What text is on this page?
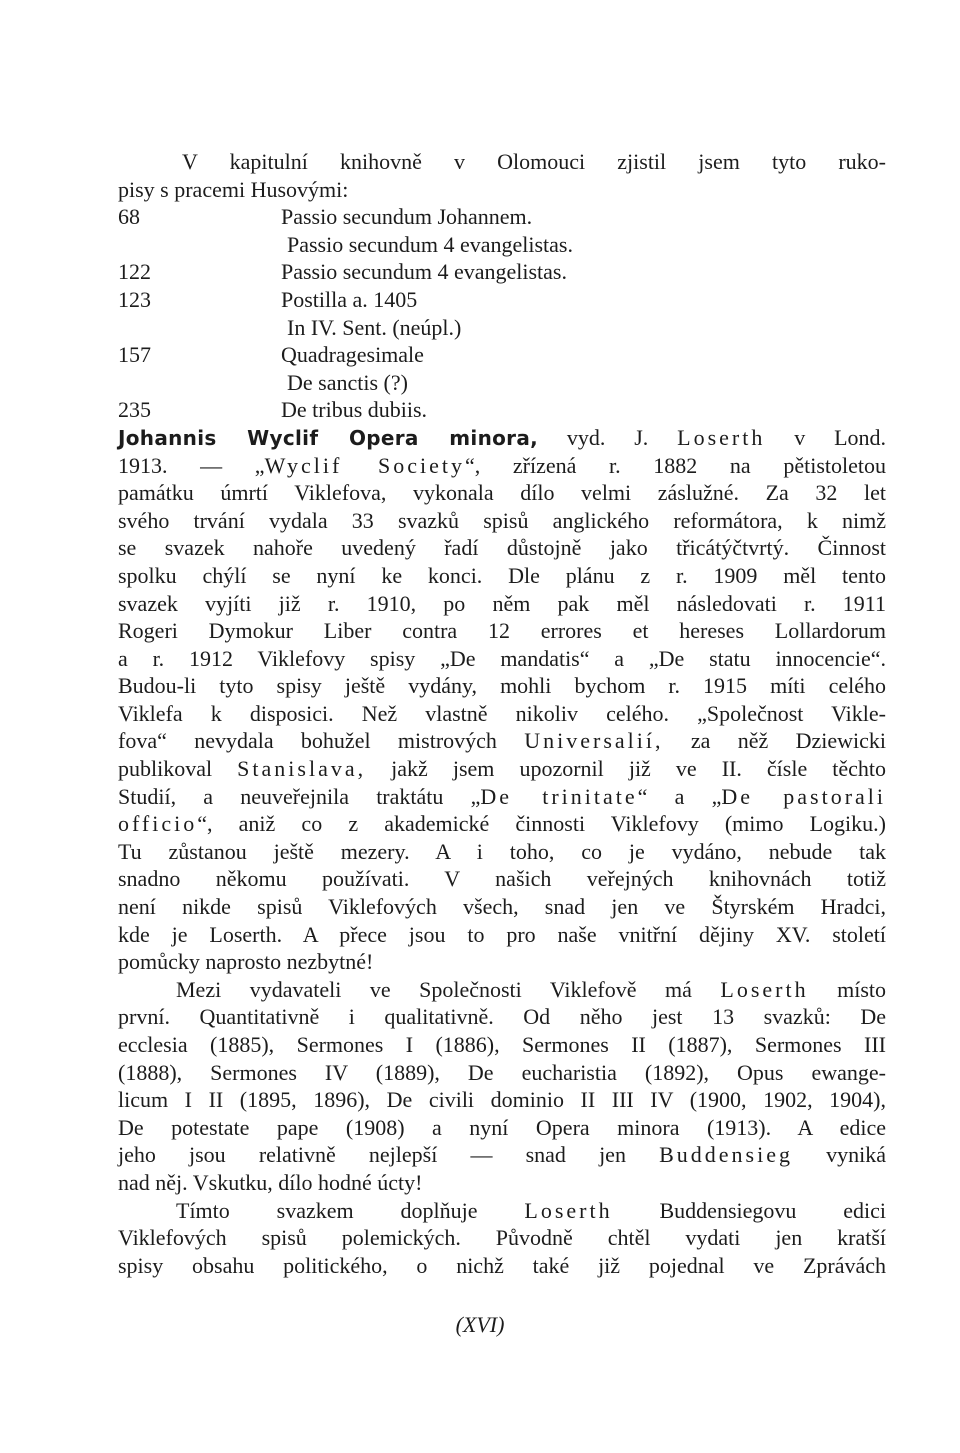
V kapitulní knihovně v Olomouci zjistil jsem tyto ruko-
pisy s pracemi Husovými:
68	Passio secundum Johannem.
Passio secundum 4 evangelistas.
122	Passio secundum 4 evangelistas.
123	Postilla a. 1405
In IV. Sent. (neúpl.)
157	Quadragesimale
De sanctis (?)
235	De tribus dubiis.
Johannis Wyclif Opera minora, vyd. J. Loserth v Lond.
1913. — „Wyclif Society“, zřízená r. 1882 na pětistoletou
památku úmrtí Viklefova, vykonala dílo velmi záslužné. Za 32 let
svého trvání vydala 33 svazků spisů anglického reformátora, k nimž
se svazek nahoře uvedený řadí důstojně jako třicátýčtvrtý. Činnost
spolku chýlí se nyní ke konci. Dle plánu z r. 1909 měl tento
svazek vyjíti již r. 1910, po něm pak měl následovati r. 1911
Rogeri Dymokur Liber contra 12 errores et hereses Lollardorum
a r. 1912 Viklefovy spisy „De mandatis“ a „De statu innocencie“.
Budou-li tyto spisy ještě vydány, mohli bychom r. 1915 míti celého
Viklefa k disposici. Než vlastně nikoliv celého. „Společnost Vikle-
fova“ nevydala bohužel mistrových Universalií, za něž Dziewicki
publikoval Stanislava, jakž jsem upozornil již ve II. čísle těchto
Studií, a neuveřejnila traktátu „De trinitate“ a „De pastorali
officio“, aniž co z akademické činnosti Viklefovy (mimo Logiku.)
Tu zůstanou ještě mezery. A i toho, co je vydáno, nebude tak
snadno někomu používati. V našich veřejných knihovnách totiž
není nikde spisů Viklefových všech, snad jen ve Štyrském Hradci,
kde je Loserth. A přece jsou to pro naše vnitřní dějiny XV. století
pomůcky naprosto nezbytné!
Mezi vydavateli ve Společnosti Viklefově má Loserth místo
první. Quantitativně i qualitativně. Od něho jest 13 svazků: De
ecclesia (1885), Sermones I (1886), Sermones II (1887), Sermones III
(1888), Sermones IV (1889), De eucharistia (1892), Opus ewange-
licum I II (1895, 1896), De civili dominio II III IV (1900, 1902, 1904),
De potestate pape (1908) a nyní Opera minora (1913). A edice
jeho jsou relativně nejlepší — snad jen Buddensieg vyniká
nad něj. Vskutku, dílo hodné úcty!
Tímto svazkem doplňuje Loserth Buddensiegovu edici
Viklefových spisů polemických. Původně chtěl vydati jen kratší
spisy obsahu politického, o nichž také již pojednal ve Zprávách
(XVI)
